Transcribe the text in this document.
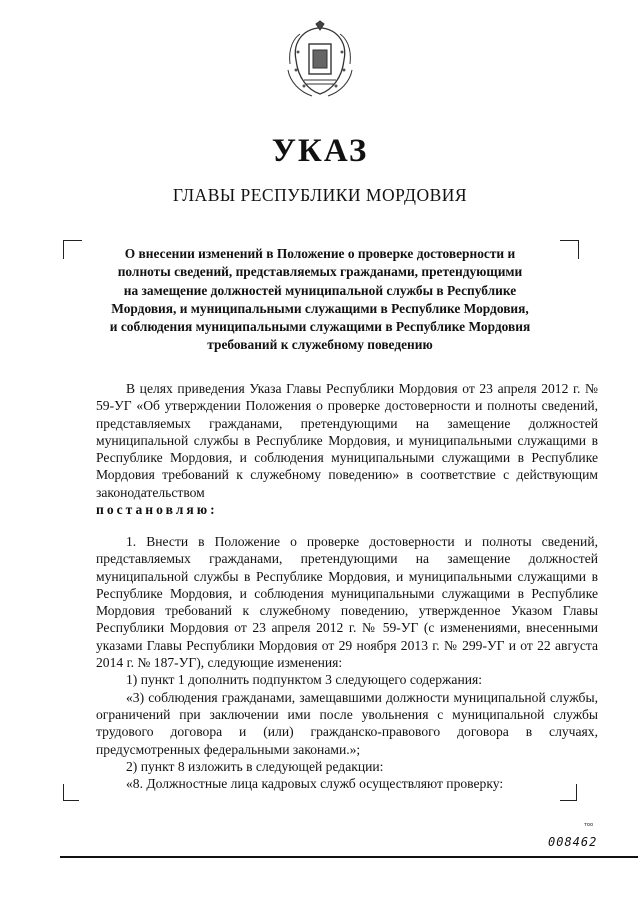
УКАЗ
ГЛАВЫ РЕСПУБЛИКИ МОРДОВИЯ
О внесении изменений в Положение о проверке достоверности и
полноты сведений, представляемых гражданами, претендующими
на замещение должностей муниципальной службы в Республике
Мордовия, и муниципальными служащими в Республике Мордовия,
и соблюдения муниципальными служащими в Республике Мордовия
требований к служебному поведению

В целях приведения Указа Главы Республики Мордовия от 23 апреля 2012 г. № 59-УГ «Об утверждении Положения о проверке достоверности и полноты сведений, представляемых гражданами, претендующими на замещение должностей муниципальной службы в Республике Мордовия, и муниципальными служащими в Республике Мордовия, и соблюдения муниципальными служащими в Республике Мордовия требований к служебному поведению» в соответствие с действующим законодательством

постановляю:

1. Внести в Положение о проверке достоверности и полноты сведений, представляемых гражданами, претендующими на замещение должностей муниципальной службы в Республике Мордовия, и муниципальными служащими в Республике Мордовия, и соблюдения муниципальными служащими в Республике Мордовия требований к служебному поведению, утвержденное Указом Главы Республики Мордовия от 23 апреля 2012 г. № 59-УГ (с изменениями, внесенными указами Главы Республики Мордовия от 29 ноября 2013 г. № 299-УГ и от 22 августа 2014 г. № 187-УГ), следующие изменения:

1) пункт 1 дополнить подпунктом 3 следующего содержания:

«3) соблюдения гражданами, замещавшими должности муниципальной службы, ограничений при заключении ими после увольнения с муниципальной службы трудового договора и (или) гражданско-правового договора в случаях, предусмотренных федеральными законами.»;

2) пункт 8 изложить в следующей редакции:

«8. Должностные лица кадровых служб осуществляют проверку:

тоо
008462
